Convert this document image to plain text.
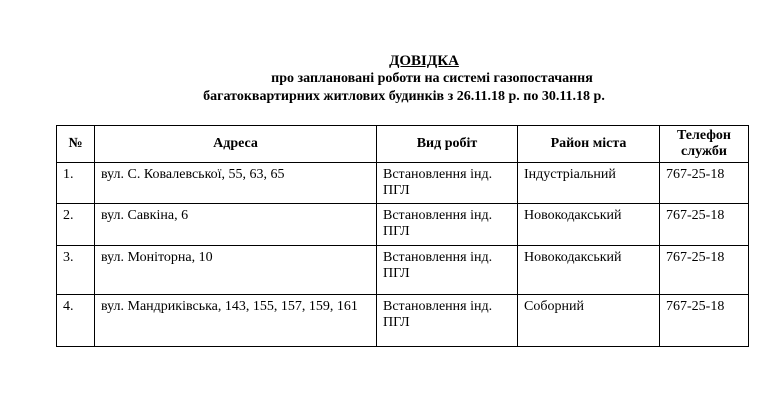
ДОВІДКА
про заплановані роботи на системі газопостачання
багатоквартирних житлових будинків з 26.11.18 р. по 30.11.18 р.
№	Адреса	Вид робіт	Район міста	Телефон служби
1.	вул. С. Ковалевської, 55, 63, 65	Встановлення інд. ПГЛ	Індустріальний	767-25-18
2.	вул. Савкіна, 6	Встановлення інд. ПГЛ	Новокодакський	767-25-18
3.	вул. Моніторна, 10	Встановлення інд. ПГЛ	Новокодакський	767-25-18
4.	вул. Мандриківська, 143, 155, 157, 159, 161	Встановлення інд. ПГЛ	Соборний	767-25-18
